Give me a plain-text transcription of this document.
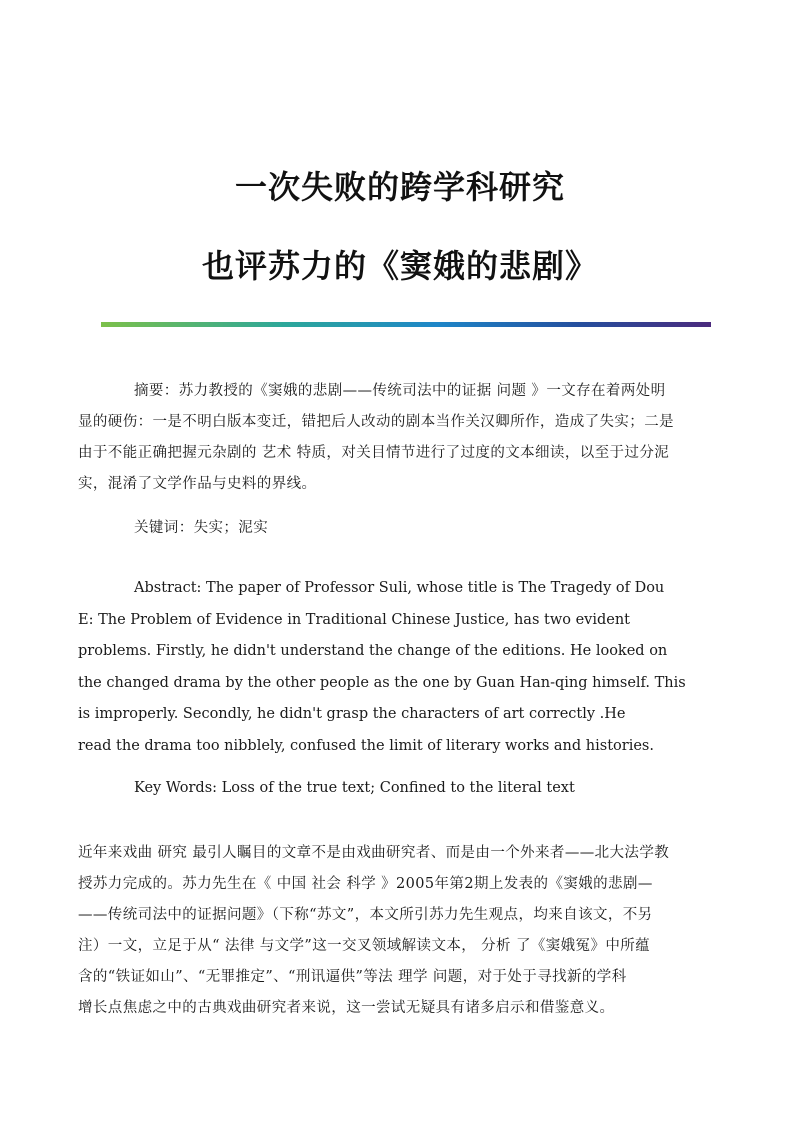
一次失败的跨学科研究
也评苏力的《窦娥的悲剧》
摘要：苏力教授的《窦娥的悲剧——传统司法中的证据 问题 》一文存在着两处明
显的硬伤：一是不明白版本变迁，错把后人改动的剧本当作关汉卿所作，造成了失实；二是
由于不能正确把握元杂剧的 艺术 特质，对关目情节进行了过度的文本细读，以至于过分泥
实，混淆了文学作品与史料的界线。
关键词：失实；泥实
Abstract: The paper of Professor Suli, whose title is The Tragedy of Dou
E: The Problem of Evidence in Traditional Chinese Justice, has two evident
problems. Firstly, he didn't understand the change of the editions. He looked on
the changed drama by the other people as the one by Guan Han-qing himself. This
is improperly. Secondly, he didn't grasp the characters of art correctly .He
read the drama too nibblely, confused the limit of literary works and histories.
Key Words: Loss of the true text; Confined to the literal text
近年来戏曲 研究 最引人瞩目的文章不是由戏曲研究者、而是由一个外来者——北大法学教
授苏力完成的。苏力先生在《 中国 社会 科学 》2005年第2期上发表的《窦娥的悲剧—
——传统司法中的证据问题》（下称“苏文”，本文所引苏力先生观点，均来自该文，不另
注）一文，立足于从“ 法律 与文学”这一交叉领域解读文本， 分析 了《窦娥冤》中所蕴
含的“铁证如山”、“无罪推定”、“刑讯逼供”等法 理学 问题，对于处于寻找新的学科
增长点焦虑之中的古典戏曲研究者来说，这一尝试无疑具有诸多启示和借鉴意义。
